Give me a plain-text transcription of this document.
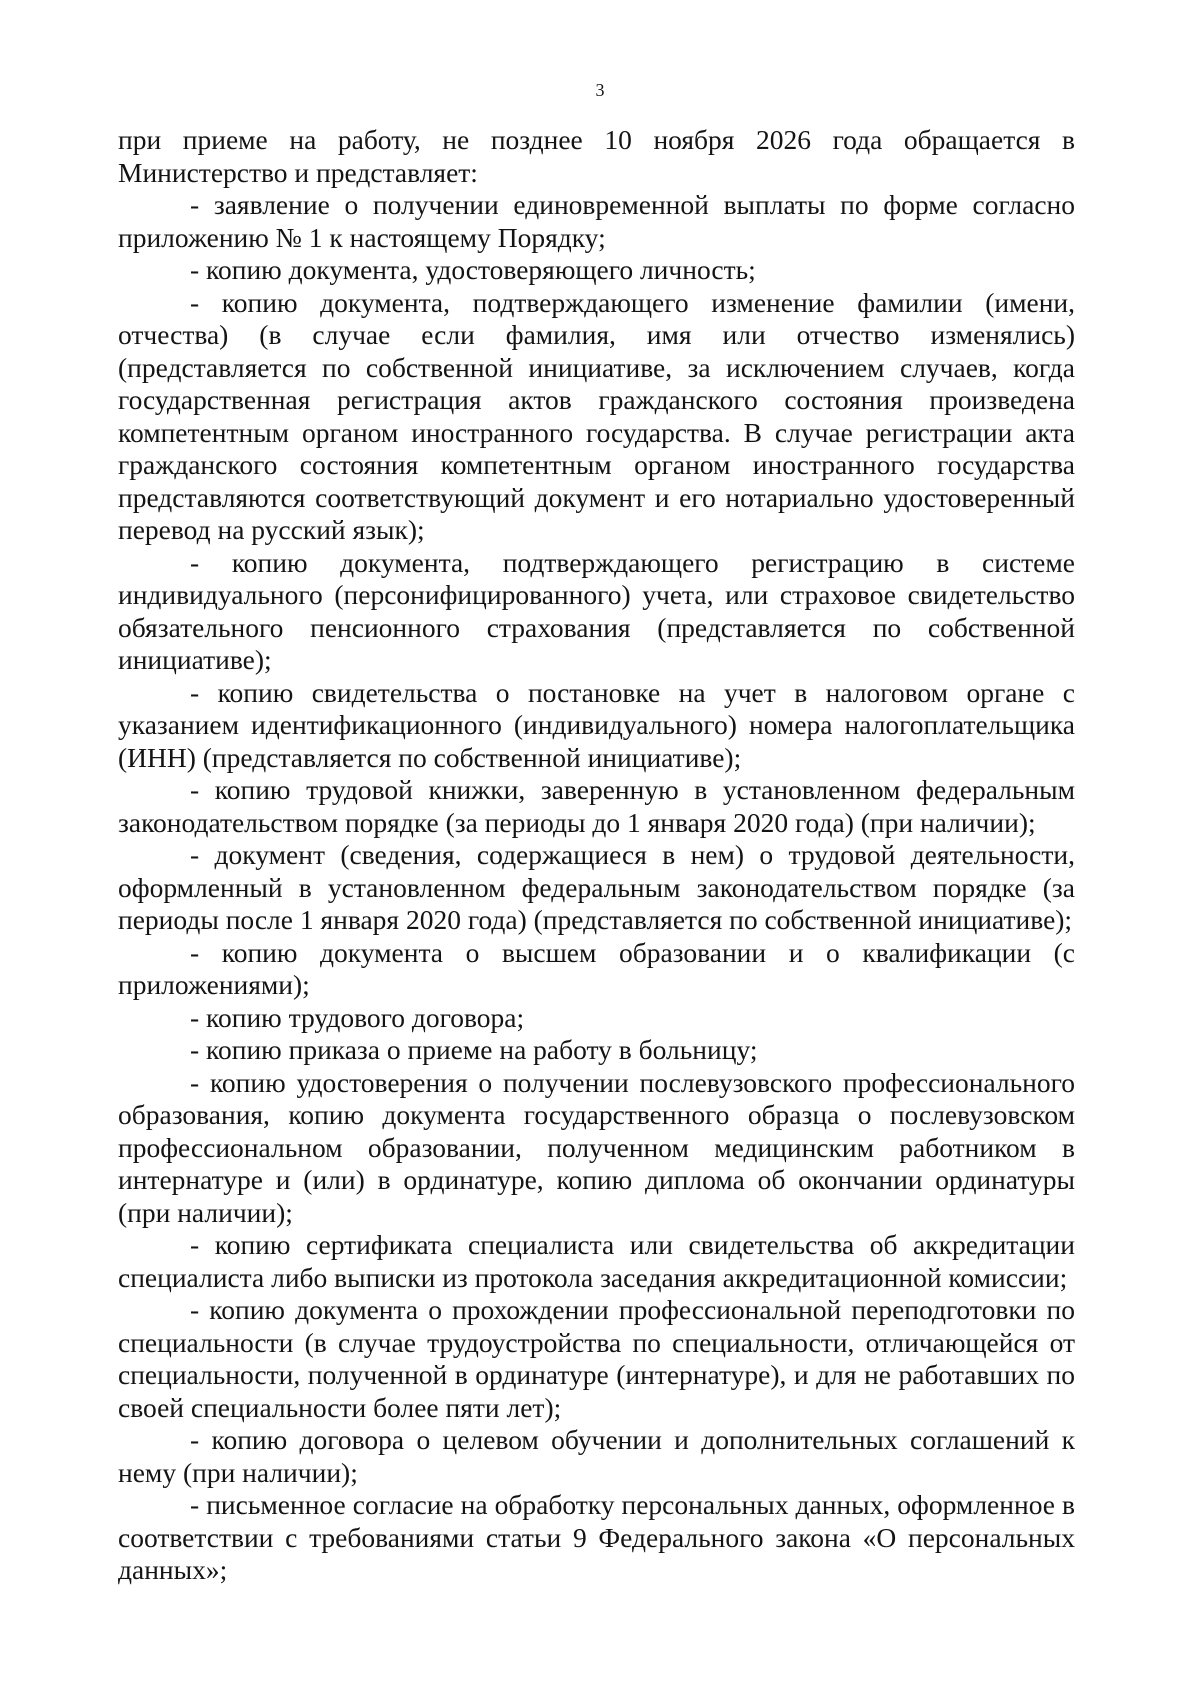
3

при приеме на работу, не позднее 10 ноября 2026 года обращается в Министерство и представляет:

- заявление о получении единовременной выплаты по форме согласно приложению № 1 к настоящему Порядку;

- копию документа, удостоверяющего личность;

- копию документа, подтверждающего изменение фамилии (имени, отчества) (в случае если фамилия, имя или отчество изменялись) (представляется по собственной инициативе, за исключением случаев, когда государственная регистрация актов гражданского состояния произведена компетентным органом иностранного государства. В случае регистрации акта гражданского состояния компетентным органом иностранного государства представляются соответствующий документ и его нотариально удостоверенный перевод на русский язык);

- копию документа, подтверждающего регистрацию в системе индивидуального (персонифицированного) учета, или страховое свидетельство обязательного пенсионного страхования (представляется по собственной инициативе);

- копию свидетельства о постановке на учет в налоговом органе с указанием идентификационного (индивидуального) номера налогоплательщика (ИНН) (представляется по собственной инициативе);

- копию трудовой книжки, заверенную в установленном федеральным законодательством порядке (за периоды до 1 января 2020 года) (при наличии);

- документ (сведения, содержащиеся в нем) о трудовой деятельности, оформленный в установленном федеральным законодательством порядке (за периоды после 1 января 2020 года) (представляется по собственной инициативе);

- копию документа о высшем образовании и о квалификации (с приложениями);

- копию трудового договора;

- копию приказа о приеме на работу в больницу;

- копию удостоверения о получении послевузовского профессионального образования, копию документа государственного образца о послевузовском профессиональном образовании, полученном медицинским работником в интернатуре и (или) в ординатуре, копию диплома об окончании ординатуры (при наличии);

- копию сертификата специалиста или свидетельства об аккредитации специалиста либо выписки из протокола заседания аккредитационной комиссии;

- копию документа о прохождении профессиональной переподготовки по специальности (в случае трудоустройства по специальности, отличающейся от специальности, полученной в ординатуре (интернатуре), и для не работавших по своей специальности более пяти лет);

- копию договора о целевом обучении и дополнительных соглашений к нему (при наличии);

- письменное согласие на обработку персональных данных, оформленное в соответствии с требованиями статьи 9 Федерального закона «О персональных данных»;
